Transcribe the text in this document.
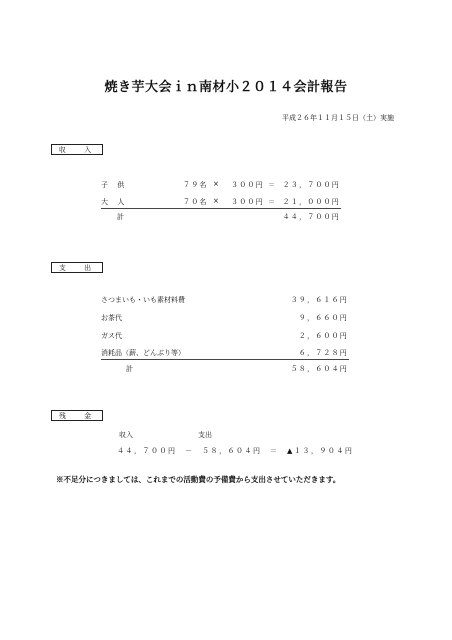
焼き芋大会ｉｎ南材小２０１４会計報告
平成２６年１１月１５日（土）実施
収 入
子　供	７９名 × ３００円 ＝ ２３，７００円
大　人	７０名 × ３００円 ＝ ２１，０００円
計	４４，７００円
支 出
さつまいも・いも素材料費	３９，６１６円
お茶代	９，６６０円
ガス代	２，６００円
消耗品（薪、どんぶり等）	６，７２８円
計	５８，６０４円
残 金
収入	支出
４４，７００円　－　５８，６０４円　＝　▲１３，９０４円
※不足分につきましては、これまでの活動費の予備費から支出させていただきます。
